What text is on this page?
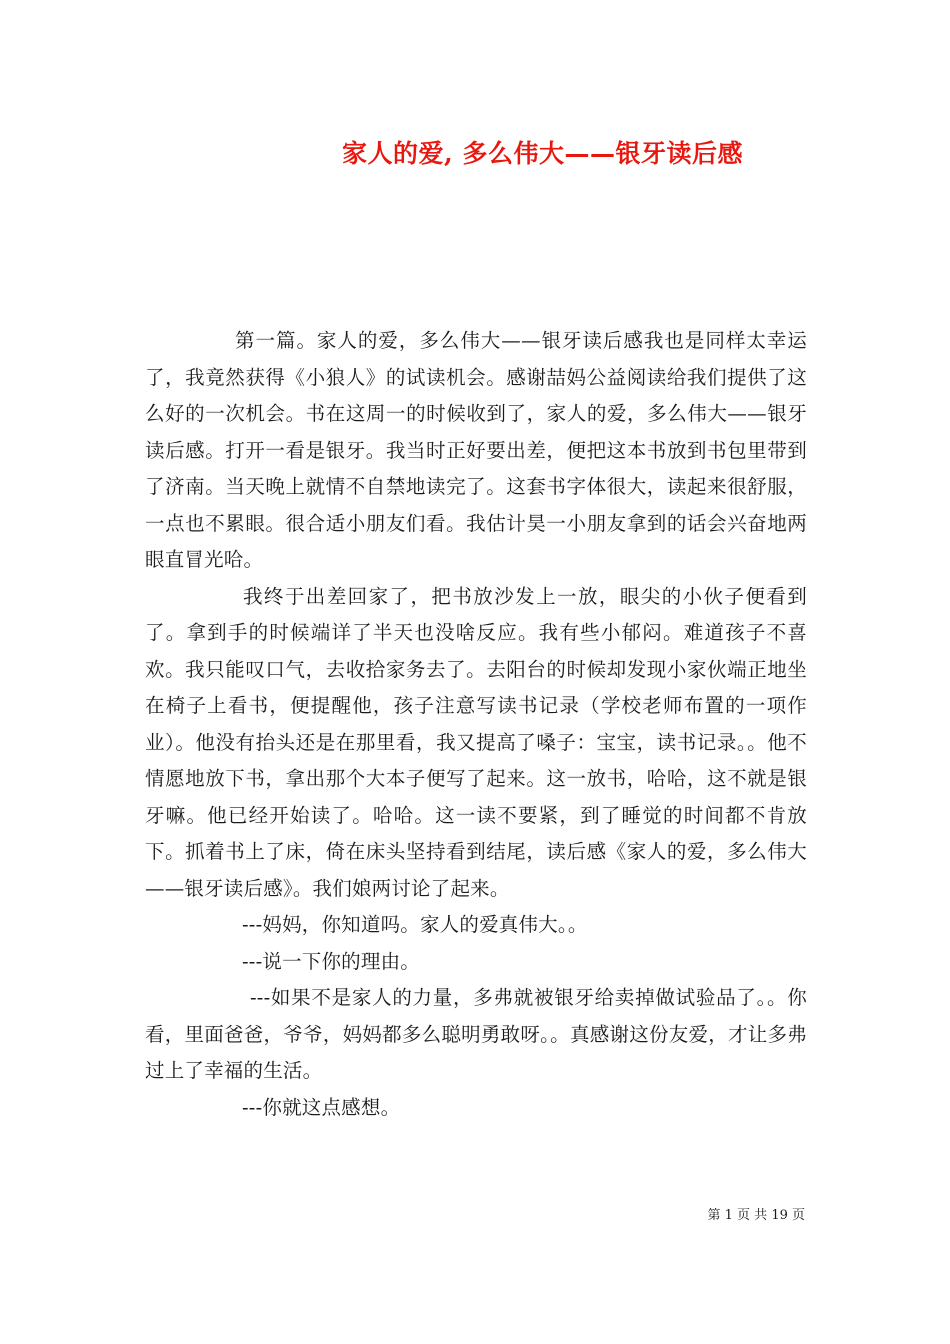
家人的爱, 多么伟大——银牙读后感

第一篇。家人的爱，多么伟大——银牙读后感我也是同样太幸运了，我竟然获得《小狼人》的试读机会。感谢喆妈公益阅读给我们提供了这么好的一次机会。书在这周一的时候收到了，家人的爱，多么伟大——银牙读后感。打开一看是银牙。我当时正好要出差，便把这本书放到书包里带到了济南。当天晚上就情不自禁地读完了。这套书字体很大，读起来很舒服，一点也不累眼。很合适小朋友们看。我估计昊一小朋友拿到的话会兴奋地两眼直冒光哈。

我终于出差回家了，把书放沙发上一放，眼尖的小伙子便看到了。拿到手的时候端详了半天也没啥反应。我有些小郁闷。难道孩子不喜欢。我只能叹口气，去收拾家务去了。去阳台的时候却发现小家伙端正地坐在椅子上看书，便提醒他，孩子注意写读书记录（学校老师布置的一项作业）。他没有抬头还是在那里看，我又提高了嗓子：宝宝，读书记录。。他不情愿地放下书，拿出那个大本子便写了起来。这一放书，哈哈，这不就是银牙嘛。他已经开始读了。哈哈。这一读不要紧，到了睡觉的时间都不肯放下。抓着书上了床，倚在床头坚持看到结尾，读后感《家人的爱，多么伟大——银牙读后感》。我们娘两讨论了起来。

---妈妈，你知道吗。家人的爱真伟大。。

---说一下你的理由。

---如果不是家人的力量，多弗就被银牙给卖掉做试验品了。。你看，里面爸爸，爷爷，妈妈都多么聪明勇敢呀。。真感谢这份友爱，才让多弗过上了幸福的生活。

---你就这点感想。

第 1 页 共 19 页
